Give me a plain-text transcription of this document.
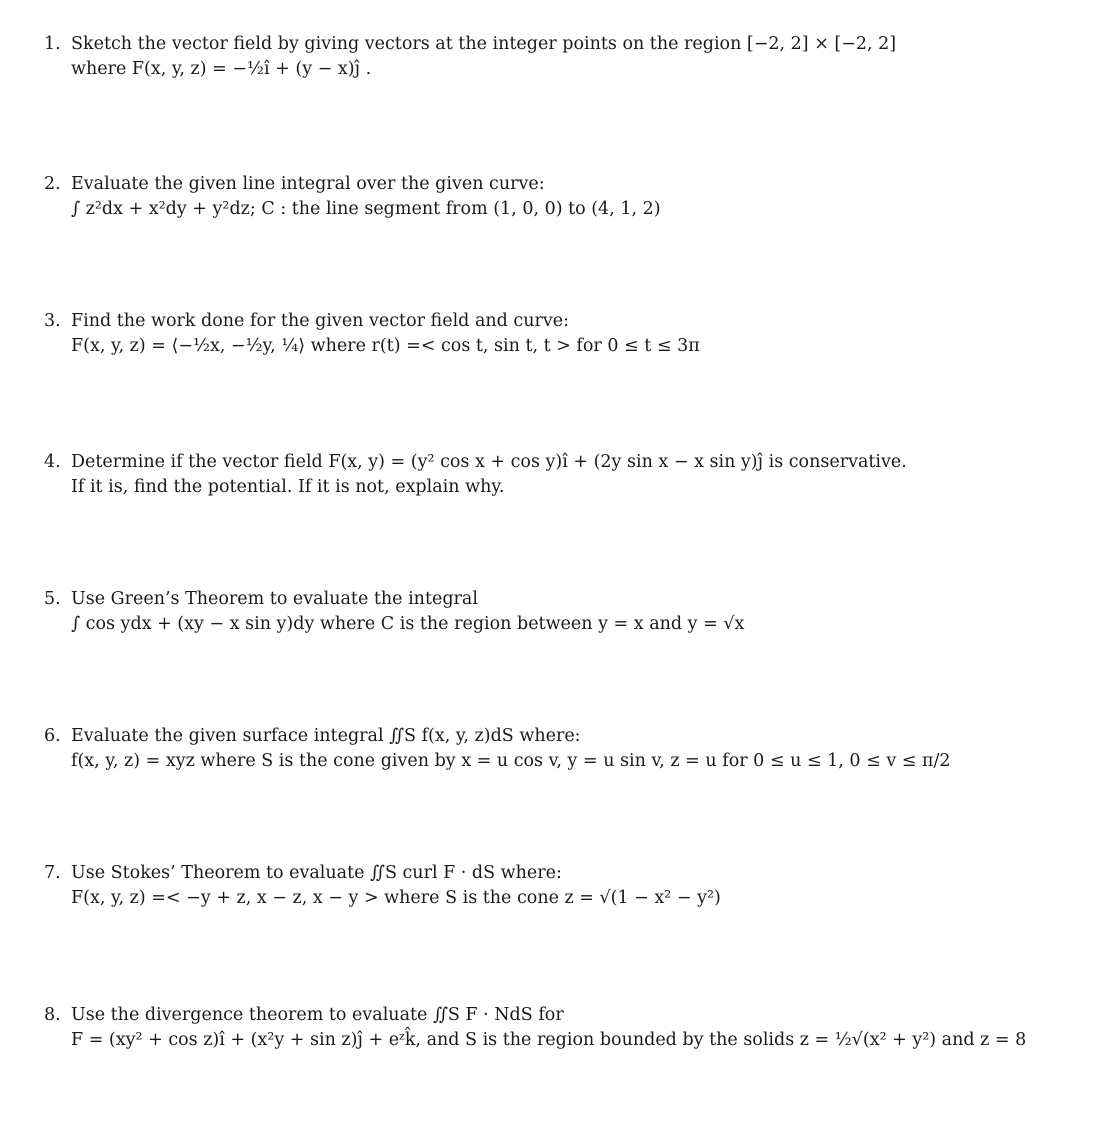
1. Sketch the vector field by giving vectors at the integer points on the region [−2, 2] × [−2, 2]
where F(x, y, z) = −½î + (y − x)ĵ .
2. Evaluate the given line integral over the given curve:
∫ z²dx + x²dy + y²dz; C : the line segment from (1, 0, 0) to (4, 1, 2)
3. Find the work done for the given vector field and curve:
F(x, y, z) = ⟨−½x, −½y, ¼⟩ where r(t) =< cos t, sin t, t > for 0 ≤ t ≤ 3π
4. Determine if the vector field F(x, y) = (y² cos x + cos y)î + (2y sin x − x sin y)ĵ is conservative.
If it is, find the potential. If it is not, explain why.
5. Use Green’s Theorem to evaluate the integral
∫ cos ydx + (xy − x sin y)dy where C is the region between y = x and y = √x
6. Evaluate the given surface integral ∬S f(x, y, z)dS where:
f(x, y, z) = xyz where S is the cone given by x = u cos v, y = u sin v, z = u for 0 ≤ u ≤ 1, 0 ≤ v ≤ π/2
7. Use Stokes’ Theorem to evaluate ∬S curl F · dS where:
F(x, y, z) =< −y + z, x − z, x − y > where S is the cone z = √(1 − x² − y²)
8. Use the divergence theorem to evaluate ∬S F · NdS for
F = (xy² + cos z)î + (x²y + sin z)ĵ + eᶻk̂, and S is the region bounded by the solids z = ½√(x² + y²) and z = 8
